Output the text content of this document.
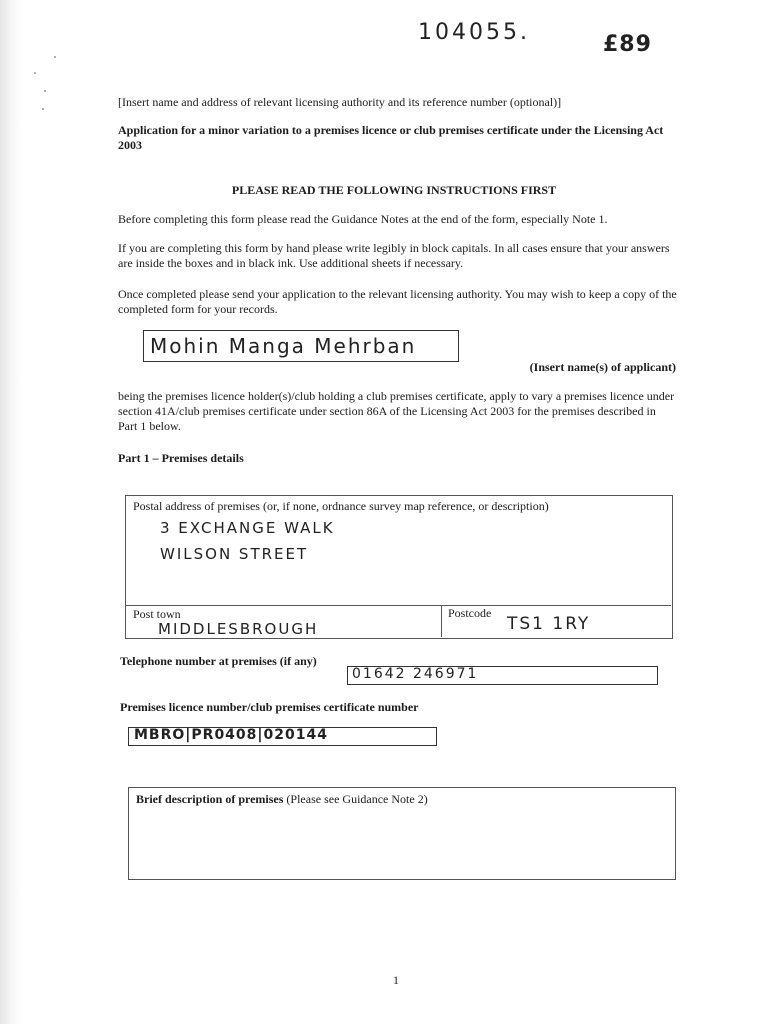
104055.	£89
[Insert name and address of relevant licensing authority and its reference number (optional)]
Application for a minor variation to a premises licence or club premises certificate under the Licensing Act 2003
PLEASE READ THE FOLLOWING INSTRUCTIONS FIRST
Before completing this form please read the Guidance Notes at the end of the form, especially Note 1.
If you are completing this form by hand please write legibly in block capitals. In all cases ensure that your answers are inside the boxes and in black ink. Use additional sheets if necessary.
Once completed please send your application to the relevant licensing authority. You may wish to keep a copy of the completed form for your records.
Mohin Manga Mehrban
(Insert name(s) of applicant)
being the premises licence holder(s)/club holding a club premises certificate, apply to vary a premises licence under section 41A/club premises certificate under section 86A of the Licensing Act 2003 for the premises described in Part 1 below.
Part 1 – Premises details
Postal address of premises (or, if none, ordnance survey map reference, or description)
3 EXCHANGE WALK
WILSON STREET
Post town
MIDDLESBROUGH
Postcode
TS1 1RY
Telephone number at premises (if any)
01642 246971
Premises licence number/club premises certificate number
MBRO|PR0408|020144
Brief description of premises (Please see Guidance Note 2)
1
